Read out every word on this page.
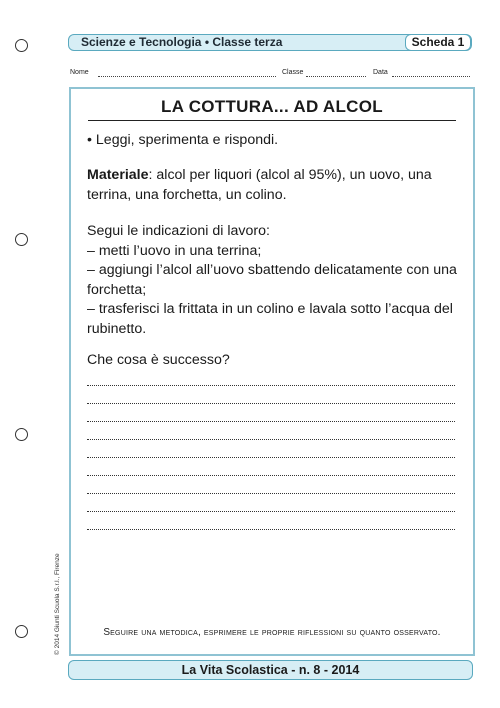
Scienze e Tecnologia • Classe terza	Scheda 1
Nome	Classe	Data
LA COTTURA... AD ALCOL
• Leggi, sperimenta e rispondi.
Materiale: alcol per liquori (alcol al 95%), un uovo, una terrina, una forchetta, un colino.
Segui le indicazioni di lavoro:
– metti l’uovo in una terrina;
– aggiungi l’alcol all’uovo sbattendo delicatamente con una forchetta;
– trasferisci la frittata in un colino e lavala sotto l’acqua del rubinetto.
Che cosa è successo?
Seguire una metodica, esprimere le proprie riflessioni su quanto osservato.
© 2014 Giunti Scuola S.r.l., Firenze
La Vita Scolastica - n. 8 - 2014
